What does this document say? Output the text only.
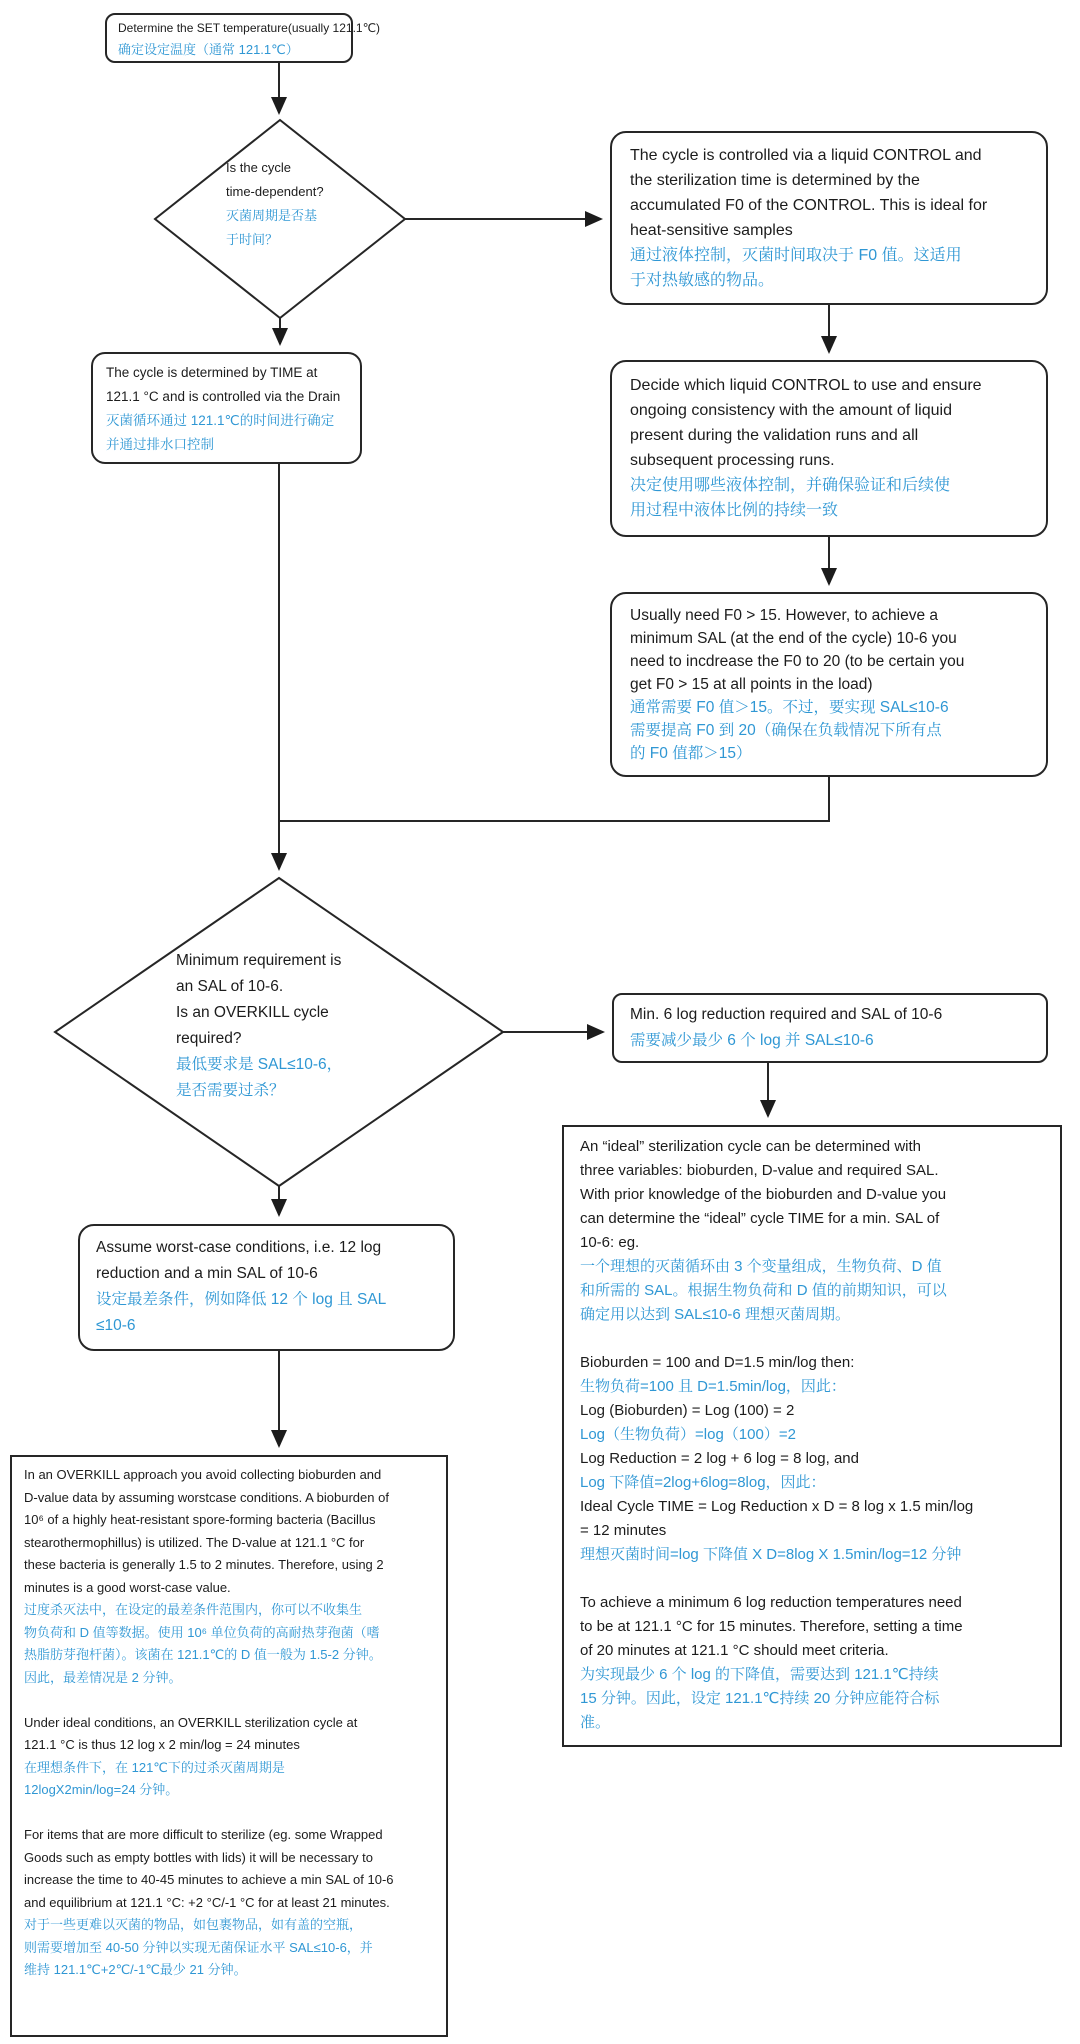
Determine the SET temperature(usually 121.1℃)
确定设定温度（通常 121.1℃）
Is the cycle
time-dependent?
灭菌周期是否基
于时间？
The cycle is controlled via a liquid CONTROL and
the sterilization time is determined by the
accumulated F0 of the CONTROL. This is ideal for
heat-sensitive samples
通过液体控制，灭菌时间取决于 F0 值。这适用
于对热敏感的物品。
The cycle is determined by TIME at
121.1 °C and is controlled via the Drain
灭菌循环通过 121.1℃的时间进行确定
并通过排水口控制
Decide which liquid CONTROL to use and ensure
ongoing consistency with the amount of liquid
present during the validation runs and all
subsequent processing runs.
决定使用哪些液体控制，并确保验证和后续使
用过程中液体比例的持续一致
Usually need F0 > 15. However, to achieve a
minimum SAL (at the end of the cycle) 10-6 you
need to incdrease the F0 to 20 (to be certain you
get F0 > 15 at all points in the load)
通常需要 F0 值＞15。不过，要实现 SAL≤10-6
需要提高 F0 到 20（确保在负载情况下所有点
的 F0 值都＞15）
Minimum requirement is
an SAL of 10-6.
Is an OVERKILL cycle
required?
最低要求是 SAL≤10-6，
是否需要过杀？
Min. 6 log reduction required and SAL of 10-6
需要减少最少 6 个 log 并 SAL≤10-6
An “ideal” sterilization cycle can be determined with
three variables: bioburden, D-value and required SAL.
With prior knowledge of the bioburden and D-value you
can determine the “ideal” cycle TIME for a min. SAL of
10-6: eg.
一个理想的灭菌循环由 3 个变量组成，生物负荷、D 值
和所需的 SAL。根据生物负荷和 D 值的前期知识，可以
确定用以达到 SAL≤10-6 理想灭菌周期。
Bioburden = 100 and D=1.5 min/log then:
生物负荷=100 且 D=1.5min/log，因此：
Log (Bioburden) = Log (100) = 2
Log（生物负荷）=log（100）=2
Log Reduction = 2 log + 6 log = 8 log, and
Log 下降值=2log+6log=8log，因此：
Ideal Cycle TIME = Log Reduction x D = 8 log x 1.5 min/log
= 12 minutes
理想灭菌时间=log 下降值 X D=8log X 1.5min/log=12 分钟
To achieve a minimum 6 log reduction temperatures need
to be at 121.1 °C for 15 minutes. Therefore, setting a time
of 20 minutes at 121.1 °C should meet criteria.
为实现最少 6 个 log 的下降值，需要达到 121.1℃持续
15 分钟。因此，设定 121.1℃持续 20 分钟应能符合标
准。
Assume worst-case conditions, i.e. 12 log
reduction and a min SAL of 10-6
设定最差条件，例如降低 12 个 log 且 SAL
≤10-6
In an OVERKILL approach you avoid collecting bioburden and
D-value data by assuming worstcase conditions. A bioburden of
10⁶ of a highly heat-resistant spore-forming bacteria (Bacillus
stearothermophillus) is utilized. The D-value at 121.1 °C for
these bacteria is generally 1.5 to 2 minutes. Therefore, using 2
minutes is a good worst-case value.
过度杀灭法中，在设定的最差条件范围内，你可以不收集生
物负荷和 D 值等数据。使用 10⁶ 单位负荷的高耐热芽孢菌（嗜
热脂肪芽孢杆菌）。该菌在 121.1℃的 D 值一般为 1.5-2 分钟。
因此，最差情况是 2 分钟。
Under ideal conditions, an OVERKILL sterilization cycle at
121.1 °C is thus 12 log x 2 min/log = 24 minutes
在理想条件下，在 121℃下的过杀灭菌周期是
12logX2min/log=24 分钟。
For items that are more difficult to sterilize (eg. some Wrapped
Goods such as empty bottles with lids) it will be necessary to
increase the time to 40-45 minutes to achieve a min SAL of 10-6
and equilibrium at 121.1 °C: +2 °C/-1 °C for at least 21 minutes.
对于一些更难以灭菌的物品，如包裹物品，如有盖的空瓶，
则需要增加至 40-50 分钟以实现无菌保证水平 SAL≤10-6，并
维持 121.1℃+2℃/-1℃最少 21 分钟。
